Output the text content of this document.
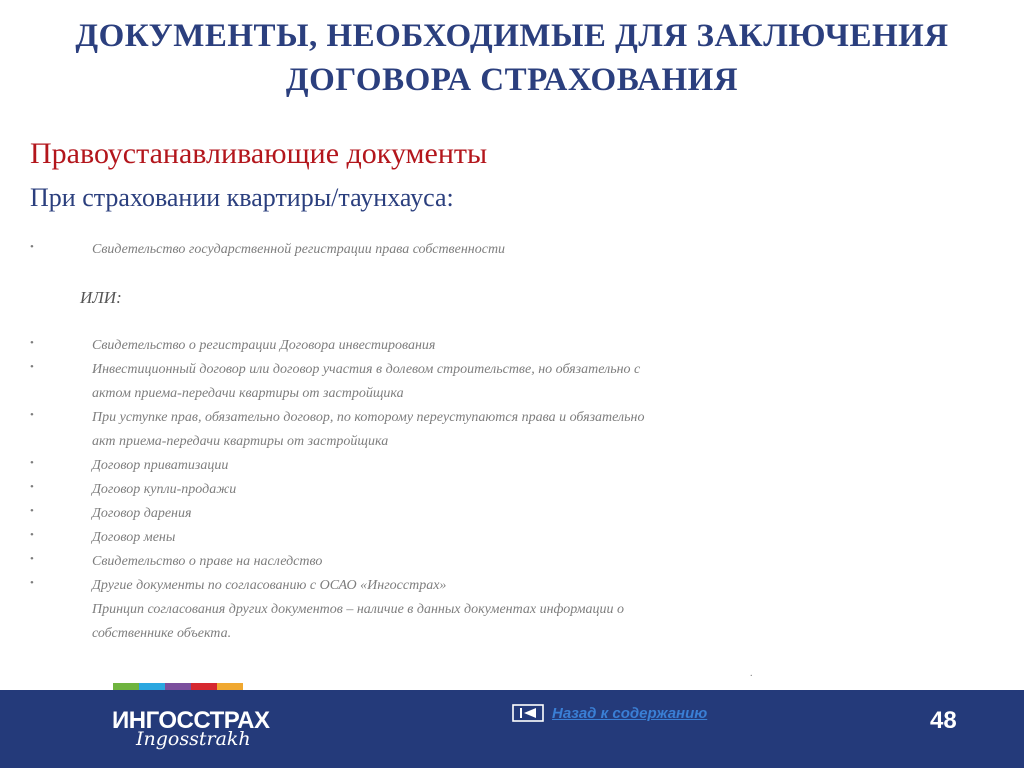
ДОКУМЕНТЫ, НЕОБХОДИМЫЕ ДЛЯ ЗАКЛЮЧЕНИЯ
ДОГОВОРА СТРАХОВАНИЯ
Правоустанавливающие документы
При страховании квартиры/таунхауса:
•	Свидетельство государственной регистрации права собственности
•	Свидетельство о регистрации Договора инвестирования
•	Инвестиционный договор или договор участия в долевом строительстве, но обязательно с
актом приема-передачи квартиры от застройщика
•	При уступке прав, обязательно договор, по которому переуступаются права и обязательно
акт приема-передачи квартиры от застройщика
•	Договор приватизации
•	Договор купли-продажи
•	Договор дарения
•	Договор мены
•	Свидетельство о праве на наследство
•	Другие документы по согласованию с ОСАО «Ингосстрах»
Принцип согласования других документов – наличие в данных документах информации о
собственнике объекта.
ИЛИ:
.
ИНГОССТРАХ
Ingosstrakh
Назад к содержанию	48
